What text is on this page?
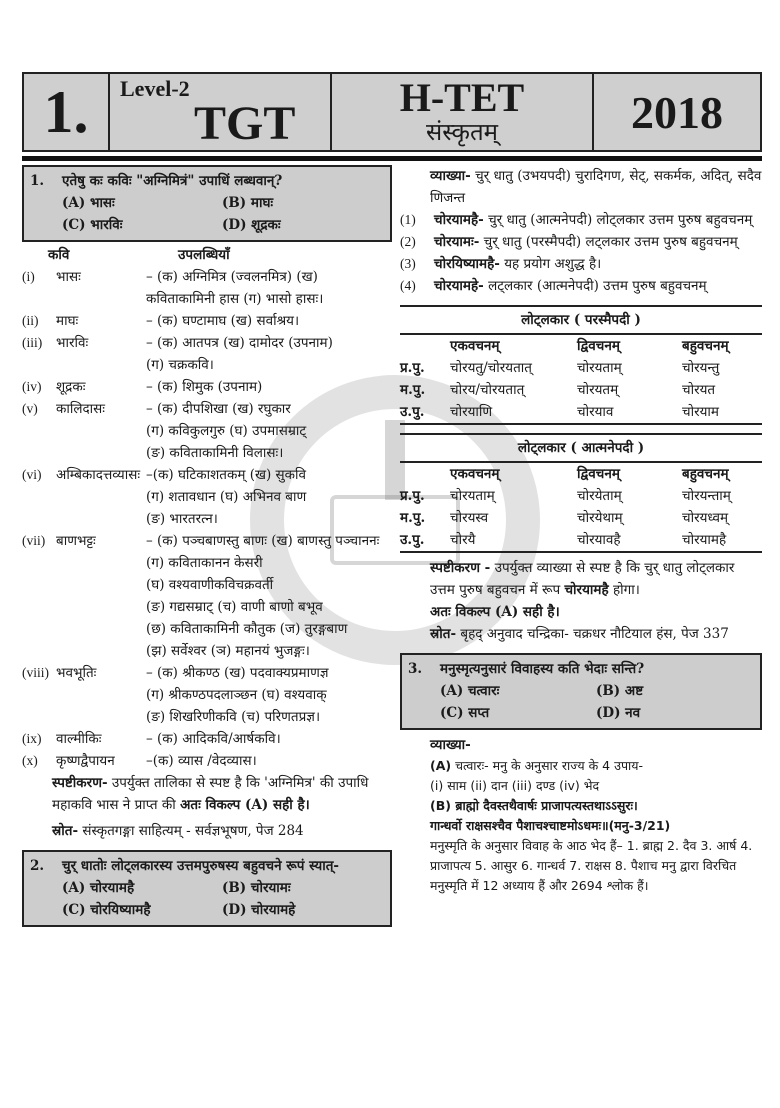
1.	Level-2
TGT	H-TET
संस्कृतम्	2018
1.	एतेषु कः कविः "अग्निमित्रं" उपाधिं लब्धवान्?
(A) भासः	(B) माघः
(C) भारविः	(D) शूद्रकः
कवि	उपलब्धियाँ
(i)	भासः	– (क) अग्निमित्र (ज्वलनमित्र) (ख)
कविताकामिनी हास (ग) भासो हासः।
(ii)	माघः	– (क) घण्टामाघ (ख) सर्वाश्रय।
(iii)	भारविः	– (क) आतपत्र (ख) दामोदर (उपनाम)
(ग) चक्रकवि।
(iv)	शूद्रकः	– (क) शिमुक (उपनाम)
(v)	कालिदासः	– (क) दीपशिखा (ख) रघुकार
(ग) कविकुलगुरु (घ) उपमासम्राट्
(ङ) कविताकामिनी विलासः।
(vi)	अम्बिकादत्तव्यासः –(क) घटिकाशतकम् (ख) सुकवि
(ग) शतावधान (घ) अभिनव बाण
(ङ) भारतरत्न।
(vii) बाणभट्टः	– (क) पञ्चबाणस्तु बाणः (ख) बाणस्तु पञ्चाननः
(ग) कविताकानन केसरी
(घ) वश्यवाणीकविचक्रवर्ती
(ङ) गद्यसम्राट् (च) वाणी बाणो बभूव
(छ) कविताकामिनी कौतुक (ज) तुरङ्गबाण
(झ) सर्वेश्वर (ञ) महानयं भुजङ्गः।
(viii) भवभूतिः	– (क) श्रीकण्ठ (ख) पदवाक्यप्रमाणज्ञ
(ग) श्रीकण्ठपदलाञ्छन (घ) वश्यवाक्
(ङ) शिखरिणीकवि (च) परिणतप्रज्ञ।
(ix)	वाल्मीकिः	– (क) आदिकवि/आर्षकवि।
(x)	कृष्णद्वैपायन	–(क) व्यास /वेदव्यास।
स्पष्टीकरण- उपर्युक्त तालिका से स्पष्ट है कि 'अग्निमित्र' की उपाधि महाकवि भास ने प्राप्त की अतः विकल्प (A) सही है।
स्रोत- संस्कृतगङ्गा साहित्यम् - सर्वज्ञभूषण, पेज 284
2.	चुर् धातोः लोट्लकारस्य उत्तमपुरुषस्य बहुवचने रूपं स्यात्-
(A) चोरयामहै	(B) चोरयामः
(C) चोरयिष्यामहै	(D) चोरयामहे
व्याख्या- चुर् धातु (उभयपदी) चुरादिगण, सेट्, सकर्मक, अदित्, सदैव णिजन्त
(1)	चोरयामहै- चुर् धातु (आत्मनेपदी) लोट्लकार उत्तम पुरुष बहुवचनम्
(2)	चोरयामः- चुर् धातु (परस्मैपदी) लट्लकार उत्तम पुरुष बहुवचनम्
(3)	चोरयिष्यामहै- यह प्रयोग अशुद्ध है।
(4)	चोरयामहे- लट्लकार (आत्मनेपदी) उत्तम पुरुष बहुवचनम्
लोट्लकार ( परस्मैपदी )
एकवचनम्	द्विवचनम्	बहुवचनम्
प्र.पु.	चोरयतु/चोरयतात्	चोरयताम्	चोरयन्तु
म.पु.	चोरय/चोरयतात्	चोरयतम्	चोरयत
उ.पु.	चोरयाणि	चोरयाव	चोरयाम
लोट्लकार ( आत्मनेपदी )
एकवचनम्	द्विवचनम्	बहुवचनम्
प्र.पु.	चोरयताम्	चोरयेताम्	चोरयन्ताम्
म.पु.	चोरयस्व	चोरयेथाम्	चोरयध्वम्
उ.पु.	चोरयै	चोरयावहै	चोरयामहै
स्पष्टीकरण - उपर्युक्त व्याख्या से स्पष्ट है कि चुर् धातु लोट्लकार उत्तम पुरुष बहुवचन में रूप चोरयामहै होगा।
अतः विकल्प (A) सही है।
स्रोत- बृहद् अनुवाद चन्द्रिका- चक्रधर नौटियाल हंस, पेज 337
3.	मनुस्मृत्यनुसारं विवाहस्य कति भेदाः सन्ति?
(A) चत्वारः	(B) अष्ट
(C) सप्त	(D) नव
व्याख्या-
(A) चत्वारः- मनु के अनुसार राज्य के 4 उपाय-
(i) साम (ii) दान (iii) दण्ड (iv) भेद
(B) ब्राह्मो दैवस्तथैवार्षः प्राजापत्यस्तथाऽऽसुरः।
गान्धर्वो राक्षसश्चैव पैशाचश्चाष्टमोऽधमः॥(मनु-3/21)
मनुस्मृति के अनुसार विवाह के आठ भेद हैं– 1. ब्राह्म 2. दैव 3. आर्ष 4. प्राजापत्य 5. आसुर 6. गान्धर्व 7. राक्षस 8. पैशाच मनु द्वारा विरचित मनुस्मृति में 12 अध्याय हैं और 2694 श्लोक हैं।
